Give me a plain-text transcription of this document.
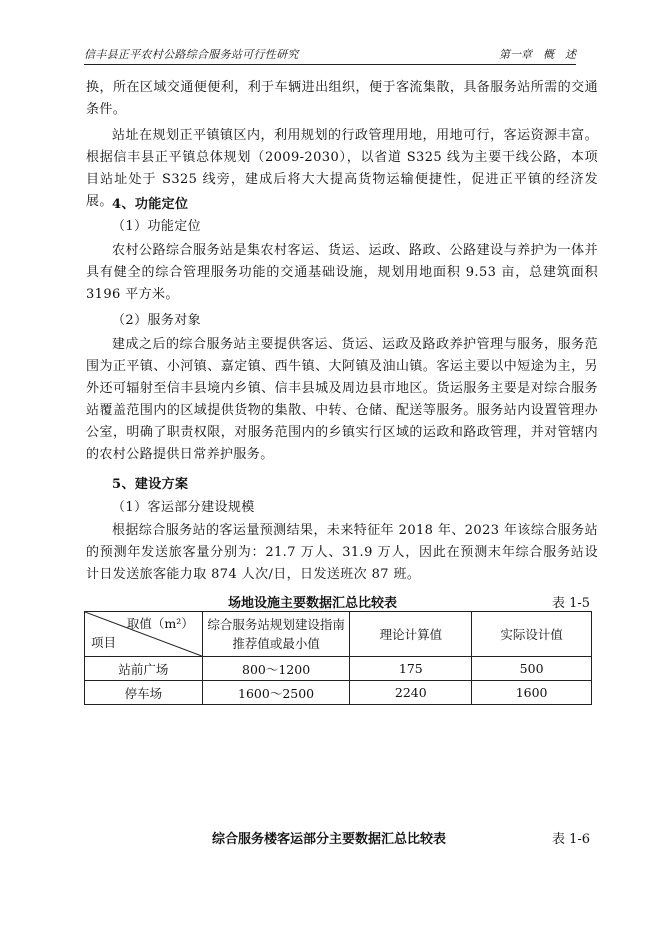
信丰县正平农村公路综合服务站可行性研究	第一章　概　述

换，所在区域交通便便利，利于车辆进出组织，便于客流集散，具备服务站所需的交通条件。

站址在规划正平镇镇区内，利用规划的行政管理用地，用地可行，客运资源丰富。根据信丰县正平镇总体规划（2009-2030），以省道 S325 线为主要干线公路，本项目站址处于 S325 线旁，建成后将大大提高货物运输便捷性，促进正平镇的经济发展。 4、功能定位

（1）功能定位

农村公路综合服务站是集农村客运、货运、运政、路政、公路建设与养护为一体并具有健全的综合管理服务功能的交通基础设施，规划用地面积 9.53 亩，总建筑面积 3196 平方米。

（2）服务对象

建成之后的综合服务站主要提供客运、货运、运政及路政养护管理与服务，服务范围为正平镇、小河镇、嘉定镇、西牛镇、大阿镇及油山镇。客运主要以中短途为主，另外还可辐射至信丰县境内乡镇、信丰县城及周边县市地区。货运服务主要是对综合服务站覆盖范围内的区域提供货物的集散、中转、仓储、配送等服务。服务站内设置管理办公室，明确了职责权限，对服务范围内的乡镇实行区域的运政和路政管理，并对管辖内的农村公路提供日常养护服务。

5、建设方案

（1）客运部分建设规模

根据综合服务站的客运量预测结果，未来特征年 2018 年、2023 年该综合服务站的预测年发送旅客量分别为：21.7 万人、31.9 万人，因此在预测末年综合服务站设计日发送旅客能力取 874 人次/日，日发送班次 87 班。

场地设施主要数据汇总比较表	表 1-5
取值（m²）
项目	综合服务站规划建设指南推荐值或最小值	理论计算值	实际设计值
站前广场	800～1200	175	500
停车场	1600～2500	2240	1600
综合服务楼客运部分主要数据汇总比较表	表 1-6
